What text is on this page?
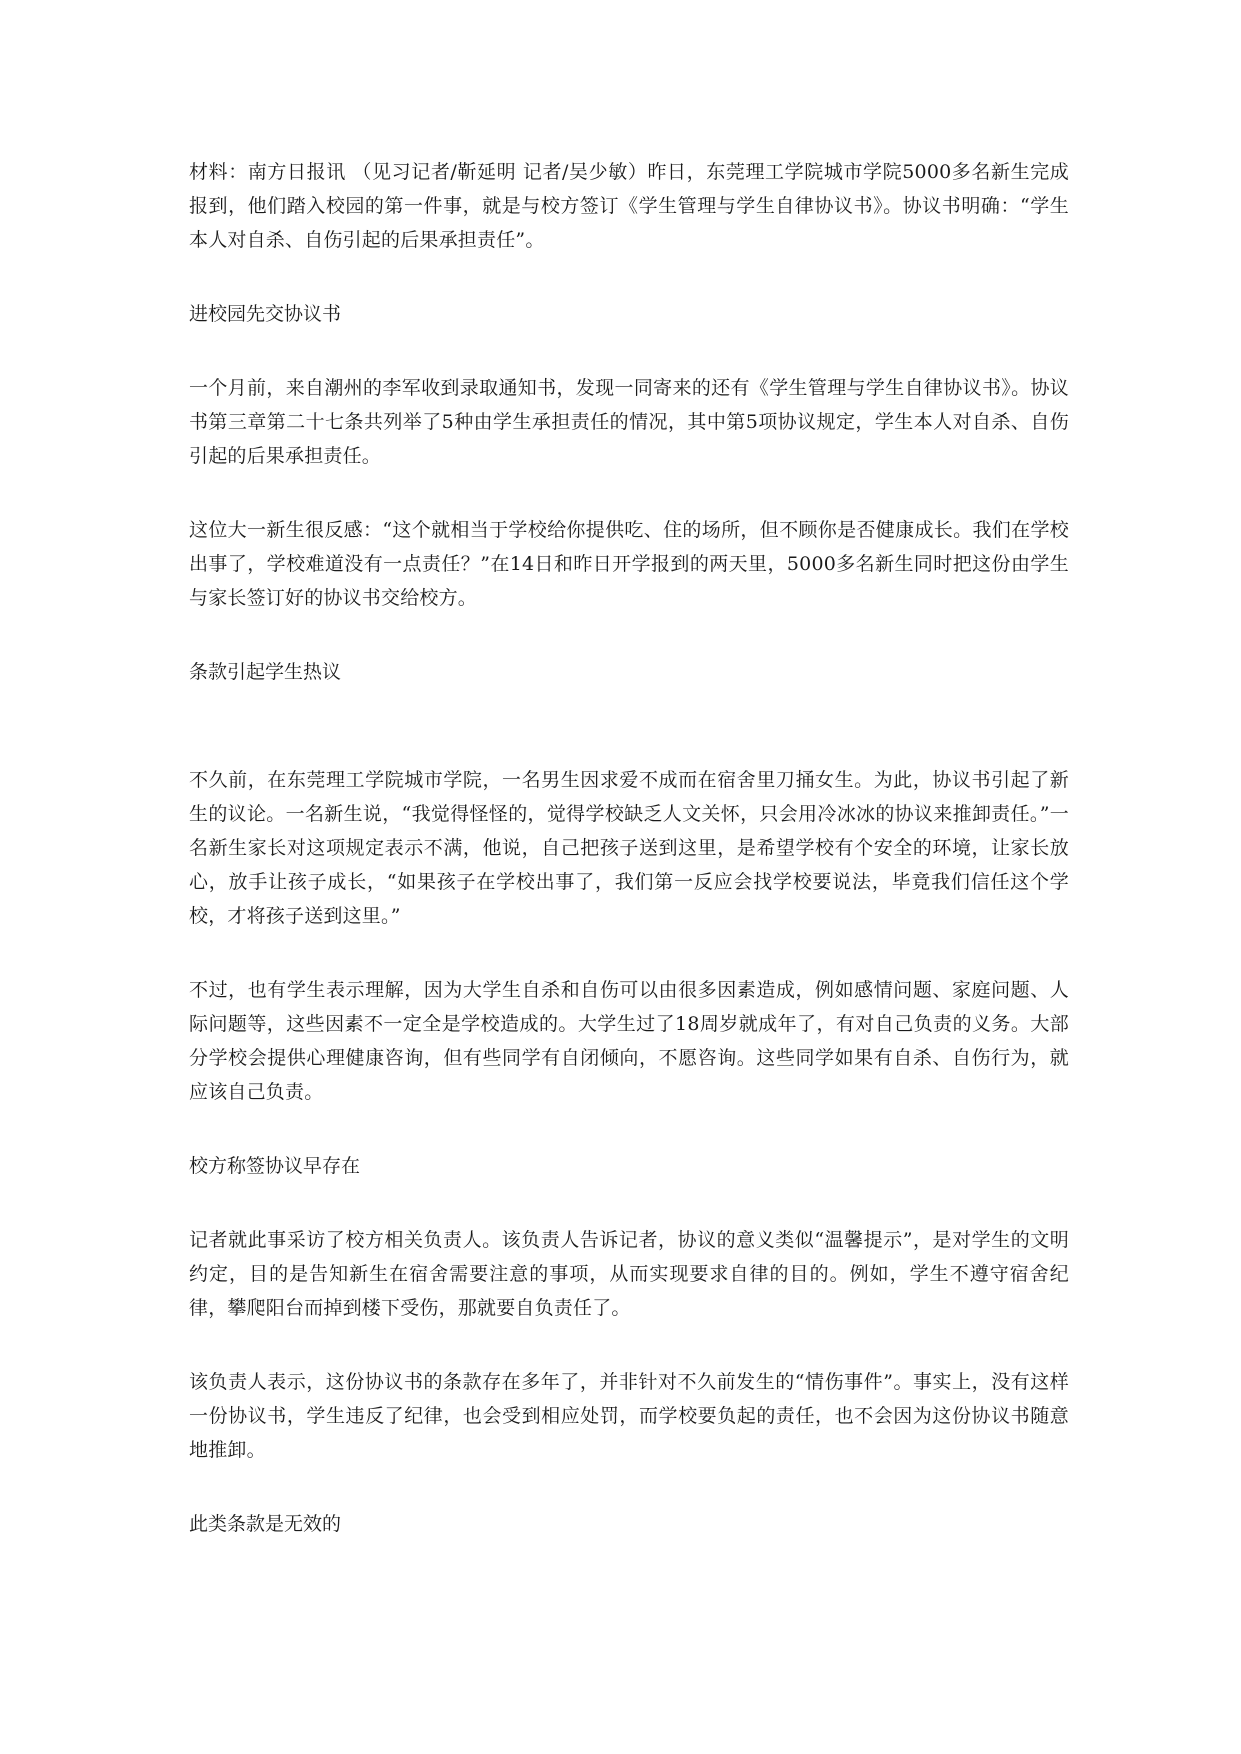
材料：南方日报讯 （见习记者/靳延明 记者/吴少敏）昨日，东莞理工学院城市学院5000多名新生完成报到，他们踏入校园的第一件事，就是与校方签订《学生管理与学生自律协议书》。协议书明确：“学生本人对自杀、自伤引起的后果承担责任”。

进校园先交协议书

一个月前，来自潮州的李军收到录取通知书，发现一同寄来的还有《学生管理与学生自律协议书》。协议书第三章第二十七条共列举了5种由学生承担责任的情况，其中第5项协议规定，学生本人对自杀、自伤引起的后果承担责任。

这位大一新生很反感：“这个就相当于学校给你提供吃、住的场所，但不顾你是否健康成长。我们在学校出事了，学校难道没有一点责任？”在14日和昨日开学报到的两天里，5000多名新生同时把这份由学生与家长签订好的协议书交给校方。

条款引起学生热议

不久前，在东莞理工学院城市学院，一名男生因求爱不成而在宿舍里刀捅女生。为此，协议书引起了新生的议论。一名新生说，“我觉得怪怪的，觉得学校缺乏人文关怀，只会用冷冰冰的协议来推卸责任。”一名新生家长对这项规定表示不满，他说，自己把孩子送到这里，是希望学校有个安全的环境，让家长放心，放手让孩子成长，“如果孩子在学校出事了，我们第一反应会找学校要说法，毕竟我们信任这个学校，才将孩子送到这里。”

不过，也有学生表示理解，因为大学生自杀和自伤可以由很多因素造成，例如感情问题、家庭问题、人际问题等，这些因素不一定全是学校造成的。大学生过了18周岁就成年了，有对自己负责的义务。大部分学校会提供心理健康咨询，但有些同学有自闭倾向，不愿咨询。这些同学如果有自杀、自伤行为，就应该自己负责。

校方称签协议早存在

记者就此事采访了校方相关负责人。该负责人告诉记者，协议的意义类似“温馨提示”，是对学生的文明约定，目的是告知新生在宿舍需要注意的事项，从而实现要求自律的目的。例如，学生不遵守宿舍纪律，攀爬阳台而掉到楼下受伤，那就要自负责任了。

该负责人表示，这份协议书的条款存在多年了，并非针对不久前发生的“情伤事件”。事实上，没有这样一份协议书，学生违反了纪律，也会受到相应处罚，而学校要负起的责任，也不会因为这份协议书随意地推卸。

此类条款是无效的
